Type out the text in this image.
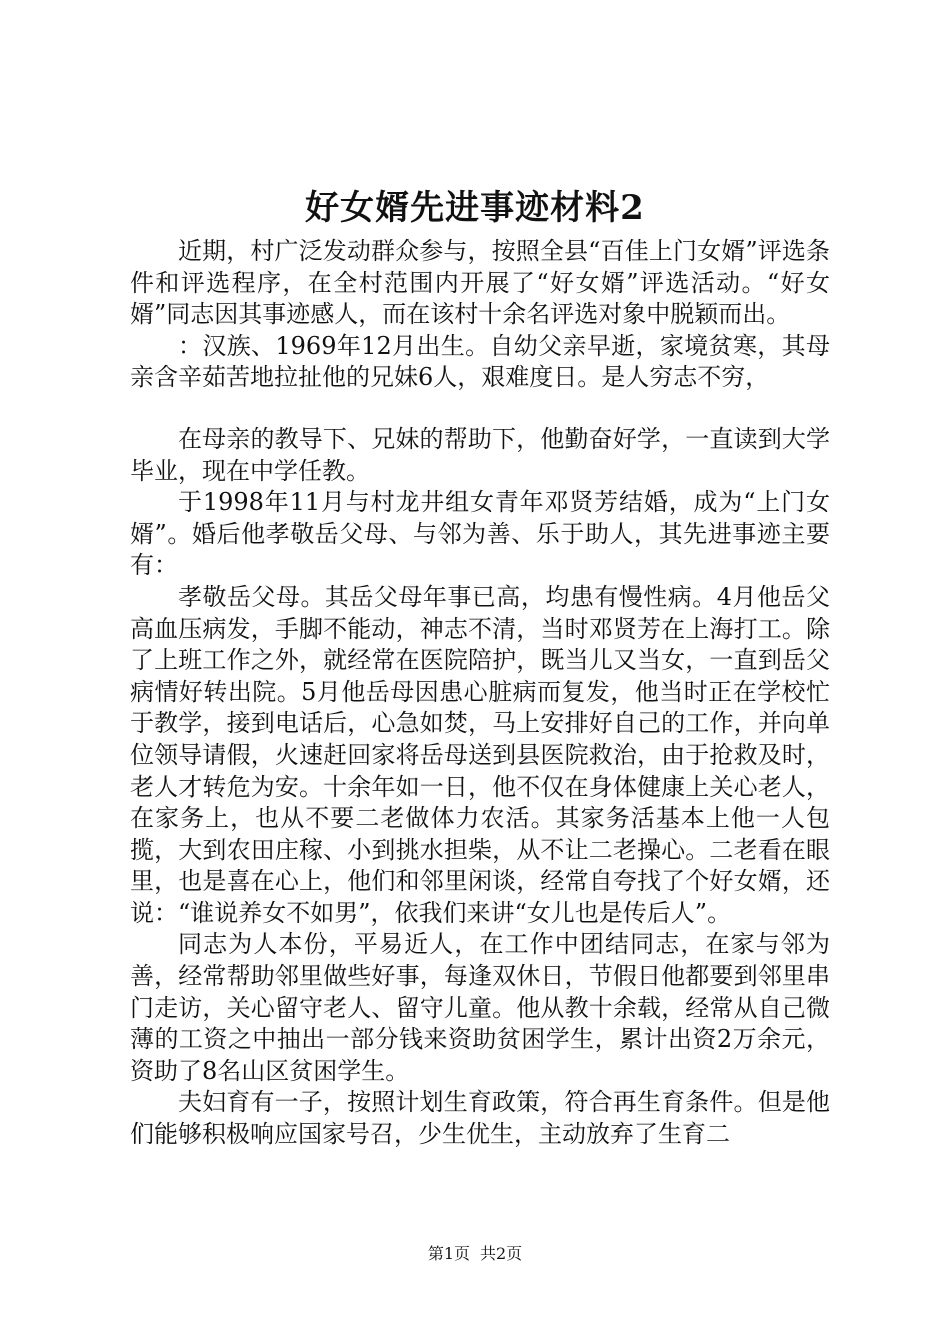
好女婿先进事迹材料2

近期，村广泛发动群众参与，按照全县“百佳上门女婿”评选条件和评选程序，在全村范围内开展了“好女婿”评选活动。“好女婿”同志因其事迹感人，而在该村十余名评选对象中脱颖而出。

：汉族、1969年12月出生。自幼父亲早逝，家境贫寒，其母亲含辛茹苦地拉扯他的兄妹6人，艰难度日。是人穷志不穷，

在母亲的教导下、兄妹的帮助下，他勤奋好学，一直读到大学毕业，现在中学任教。

于1998年11月与村龙井组女青年邓贤芳结婚，成为“上门女婿”。婚后他孝敬岳父母、与邻为善、乐于助人，其先进事迹主要有：

孝敬岳父母。其岳父母年事已高，均患有慢性病。4月他岳父高血压病发，手脚不能动，神志不清，当时邓贤芳在上海打工。除了上班工作之外，就经常在医院陪护，既当儿又当女，一直到岳父病情好转出院。5月他岳母因患心脏病而复发，他当时正在学校忙于教学，接到电话后，心急如焚，马上安排好自己的工作，并向单位领导请假，火速赶回家将岳母送到县医院救治，由于抢救及时，老人才转危为安。十余年如一日，他不仅在身体健康上关心老人，在家务上，也从不要二老做体力农活。其家务活基本上他一人包揽，大到农田庄稼、小到挑水担柴，从不让二老操心。二老看在眼里，也是喜在心上，他们和邻里闲谈，经常自夸找了个好女婿，还说：“谁说养女不如男”，依我们来讲“女儿也是传后人”。

同志为人本份，平易近人，在工作中团结同志，在家与邻为善，经常帮助邻里做些好事，每逢双休日，节假日他都要到邻里串门走访，关心留守老人、留守儿童。他从教十余载，经常从自己微薄的工资之中抽出一部分钱来资助贫困学生，累计出资2万余元，资助了8名山区贫困学生。

夫妇育有一子，按照计划生育政策，符合再生育条件。但是他们能够积极响应国家号召，少生优生，主动放弃了生育二

第1页 共2页
